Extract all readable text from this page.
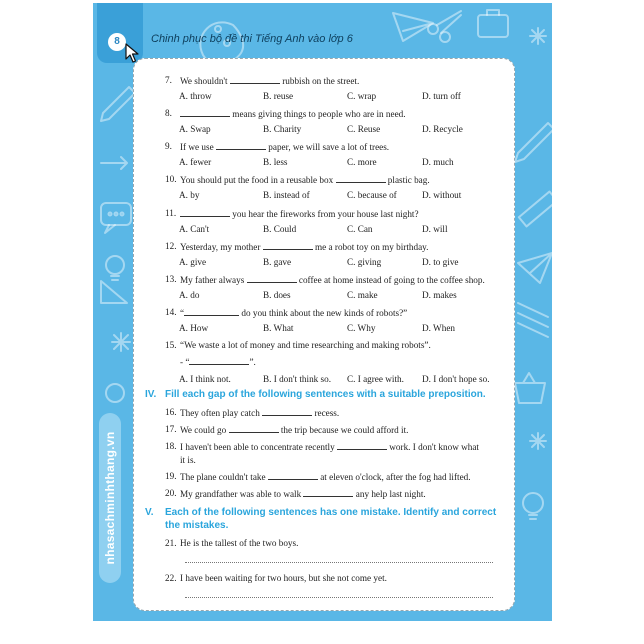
8	Chinh phục bộ đề thi Tiếng Anh vào lớp 6
nhasachminhthang.vn
7. We shouldn't	rubbish on the street.
A. throw	B. reuse	C. wrap	D. turn off
8.	means giving things to people who are in need.
A. Swap	B. Charity	C. Reuse	D. Recycle
9. If we use	paper, we will save a lot of trees.
A. fewer	B. less	C. more	D. much
10. You should put the food in a reusable box	plastic bag.
A. by	B. instead of	C. because of	D. without
11.	you hear the fireworks from your house last night?
A. Can't	B. Could	C. Can	D. will
12. Yesterday, my mother	me a robot toy on my birthday.
A. give	B. gave	C. giving	D. to give
13. My father always	coffee at home instead of going to the coffee shop.
A. do	B. does	C. make	D. makes
14. “	do you think about the new kinds of robots?”
A. How	B. What	C. Why	D. When
15. “We waste a lot of money and time researching and making robots”.
- “	”.
A. I think not.	B. I don't think so. C. I agree with. D. I don't hope so.
IV. Fill each gap of the following sentences with a suitable preposition.
16. They often play catch	recess.
17. We could go	the trip because we could afford it.
18. I haven't been able to concentrate recently	work. I don't know what
it is.
19. The plane couldn't take	at eleven o'clock, after the fog had lifted.
20. My grandfather was able to walk	any help last night.
V. Each of the following sentences has one mistake. Identify and correct
the mistakes.
21. He is the tallest of the two boys.
22. I have been waiting for two hours, but she not come yet.
